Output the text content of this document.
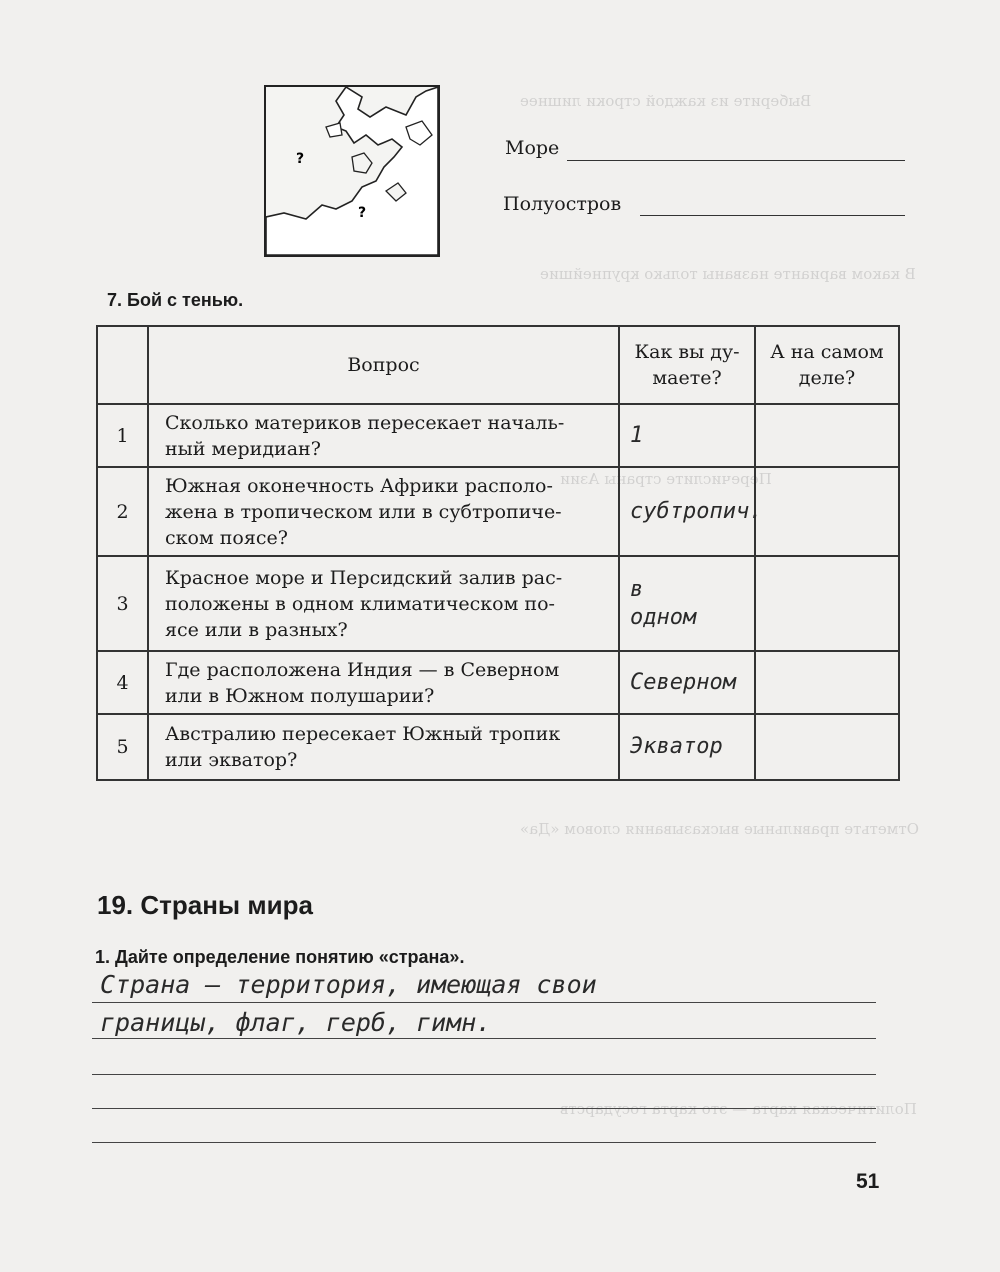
Выберите из каждой строки лишнее
В каком варианте названы только крупнейшие
Перечислите страны Азии
Отметьте правильные высказывания словом «Да»
Политическая карта — это карта государств
?
?
Море
Полуостров
7. Бой с тенью.
	Вопрос	Как вы ду-
маете?	А на самом
деле?
1	Сколько материков пересекает началь-
ный меридиан?	1	
2	Южная оконечность Африки располо-
жена в тропическом или в субтропиче-
ском поясе?	субтропич.	
3	Красное море и Персидский залив рас-
положены в одном климатическом по-
ясе или в разных?	в
одном	
4	Где расположена Индия — в Северном
или в Южном полушарии?	Северном	
5	Австралию пересекает Южный тропик
или экватор?	Экватор	
19. Страны мира
1. Дайте определение понятию «страна».
Страна — территория, имеющая свои
границы, флаг, герб, гимн.
51
